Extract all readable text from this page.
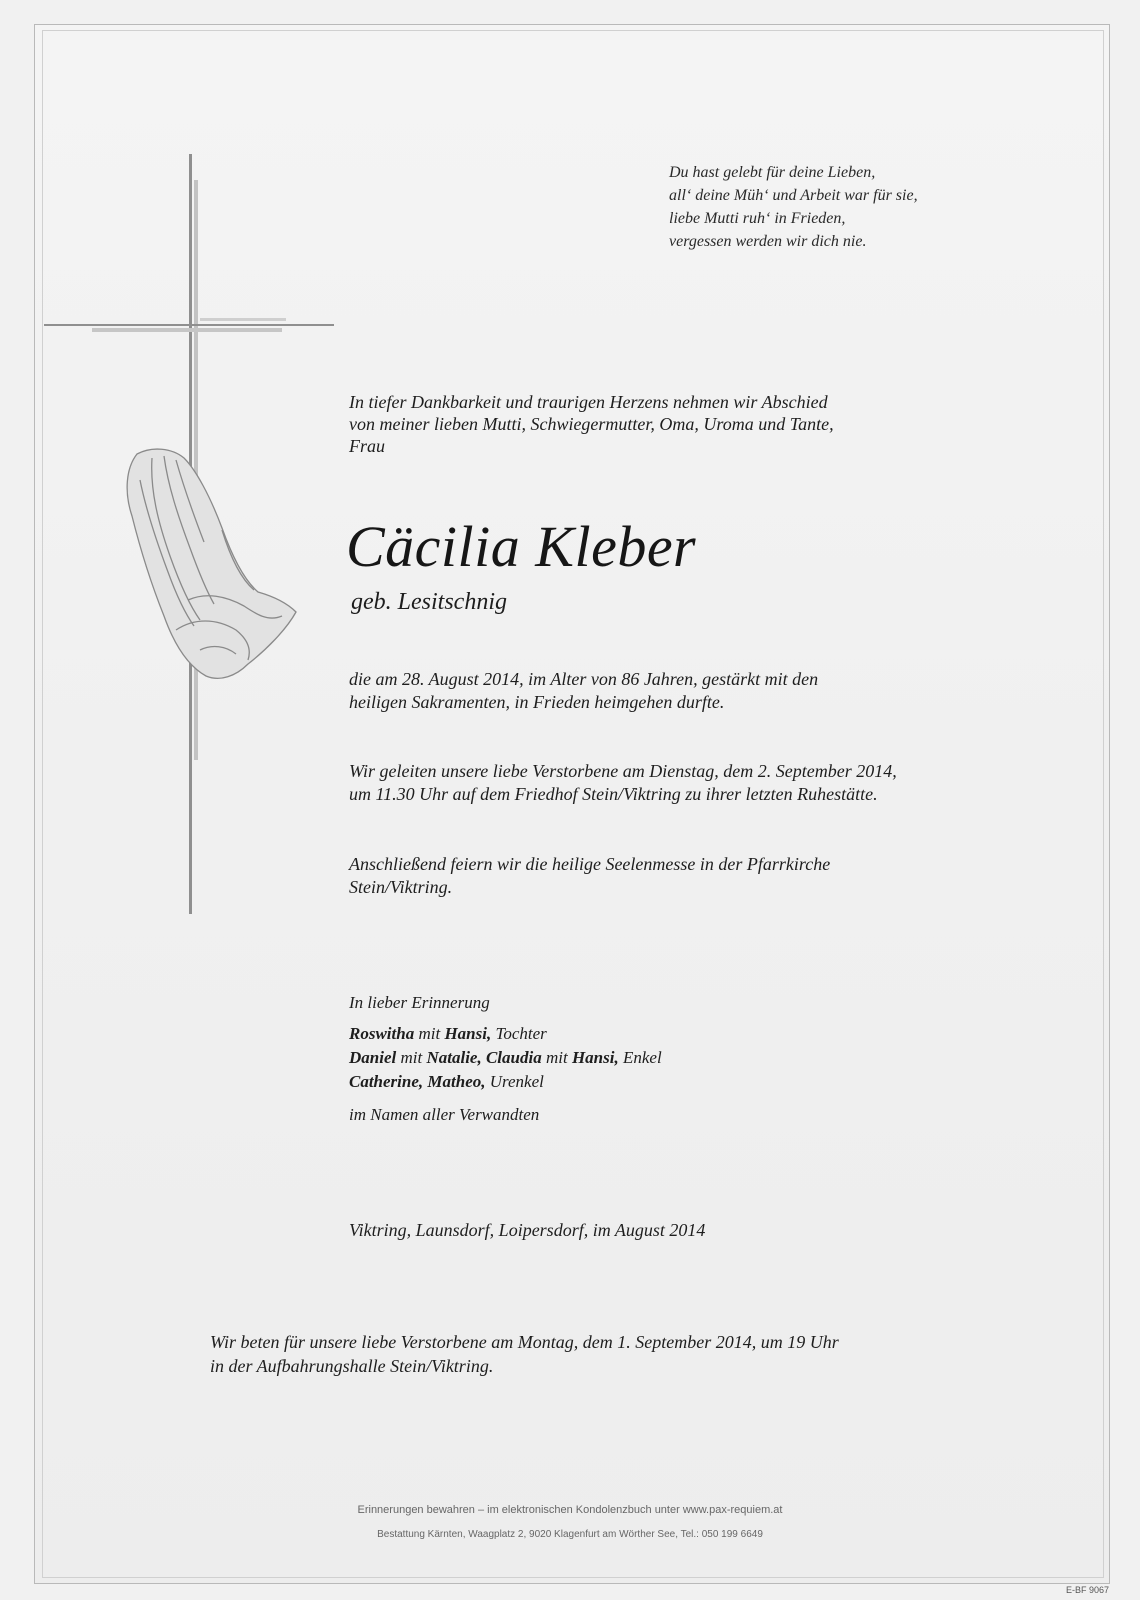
Du hast gelebt für deine Lieben,
all‘ deine Müh‘ und Arbeit war für sie,
liebe Mutti ruh‘ in Frieden,
vergessen werden wir dich nie.

In tiefer Dankbarkeit und traurigen Herzens nehmen wir Abschied
von meiner lieben Mutti, Schwiegermutter, Oma, Uroma und Tante,
Frau

Cäcilia Kleber

geb. Lesitschnig

die am 28. August 2014, im Alter von 86 Jahren, gestärkt mit den
heiligen Sakramenten, in Frieden heimgehen durfte.

Wir geleiten unsere liebe Verstorbene am Dienstag, dem 2. September 2014,
um 11.30 Uhr auf dem Friedhof Stein/Viktring zu ihrer letzten Ruhestätte.

Anschließend feiern wir die heilige Seelenmesse in der Pfarrkirche
Stein/Viktring.

In lieber Erinnerung

Roswitha mit Hansi, Tochter
Daniel mit Natalie, Claudia mit Hansi, Enkel
Catherine, Matheo, Urenkel

im Namen aller Verwandten

Viktring, Launsdorf, Loipersdorf, im August 2014

Wir beten für unsere liebe Verstorbene am Montag, dem 1. September 2014, um 19 Uhr
in der Aufbahrungshalle Stein/Viktring.

Erinnerungen bewahren – im elektronischen Kondolenzbuch unter www.pax-requiem.at
Bestattung Kärnten, Waagplatz 2, 9020 Klagenfurt am Wörther See, Tel.: 050 199 6649
E-BF 9067
